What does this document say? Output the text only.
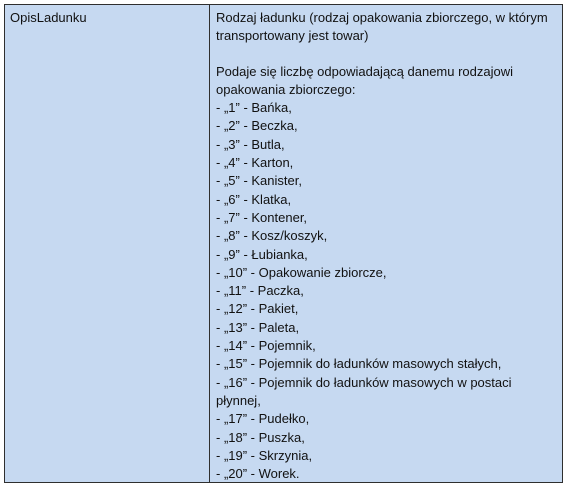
OpisLadunku	Rodzaj ładunku (rodzaj opakowania zbiorczego, w którym transportowany jest towar)

Podaje się liczbę odpowiadającą danemu rodzajowi opakowania zbiorczego:

- „1” - Bańka,
- „2” - Beczka,
- „3” - Butla,
- „4” - Karton,
- „5” - Kanister,
- „6” - Klatka,
- „7” - Kontener,
- „8” - Kosz/koszyk,
- „9” - Łubianka,
- „10” - Opakowanie zbiorcze,
- „11” - Paczka,
- „12” - Pakiet,
- „13” - Paleta,
- „14” - Pojemnik,
- „15” - Pojemnik do ładunków masowych stałych,
- „16” - Pojemnik do ładunków masowych w postaci płynnej,
- „17” - Pudełko,
- „18” - Puszka,
- „19” - Skrzynia,
- „20” - Worek.
